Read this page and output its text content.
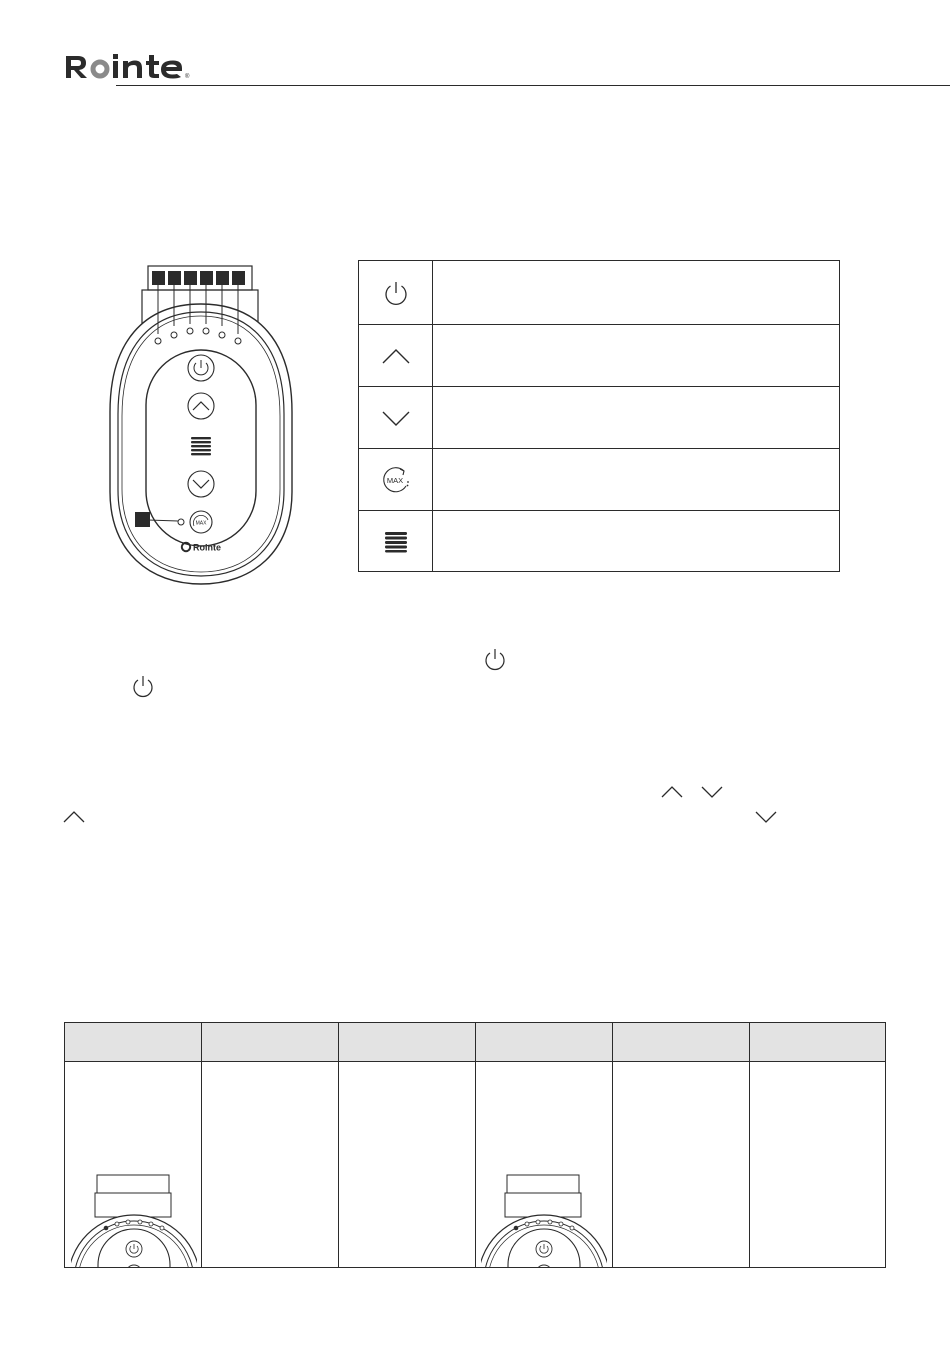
®
MAX
Rointe
MAX
